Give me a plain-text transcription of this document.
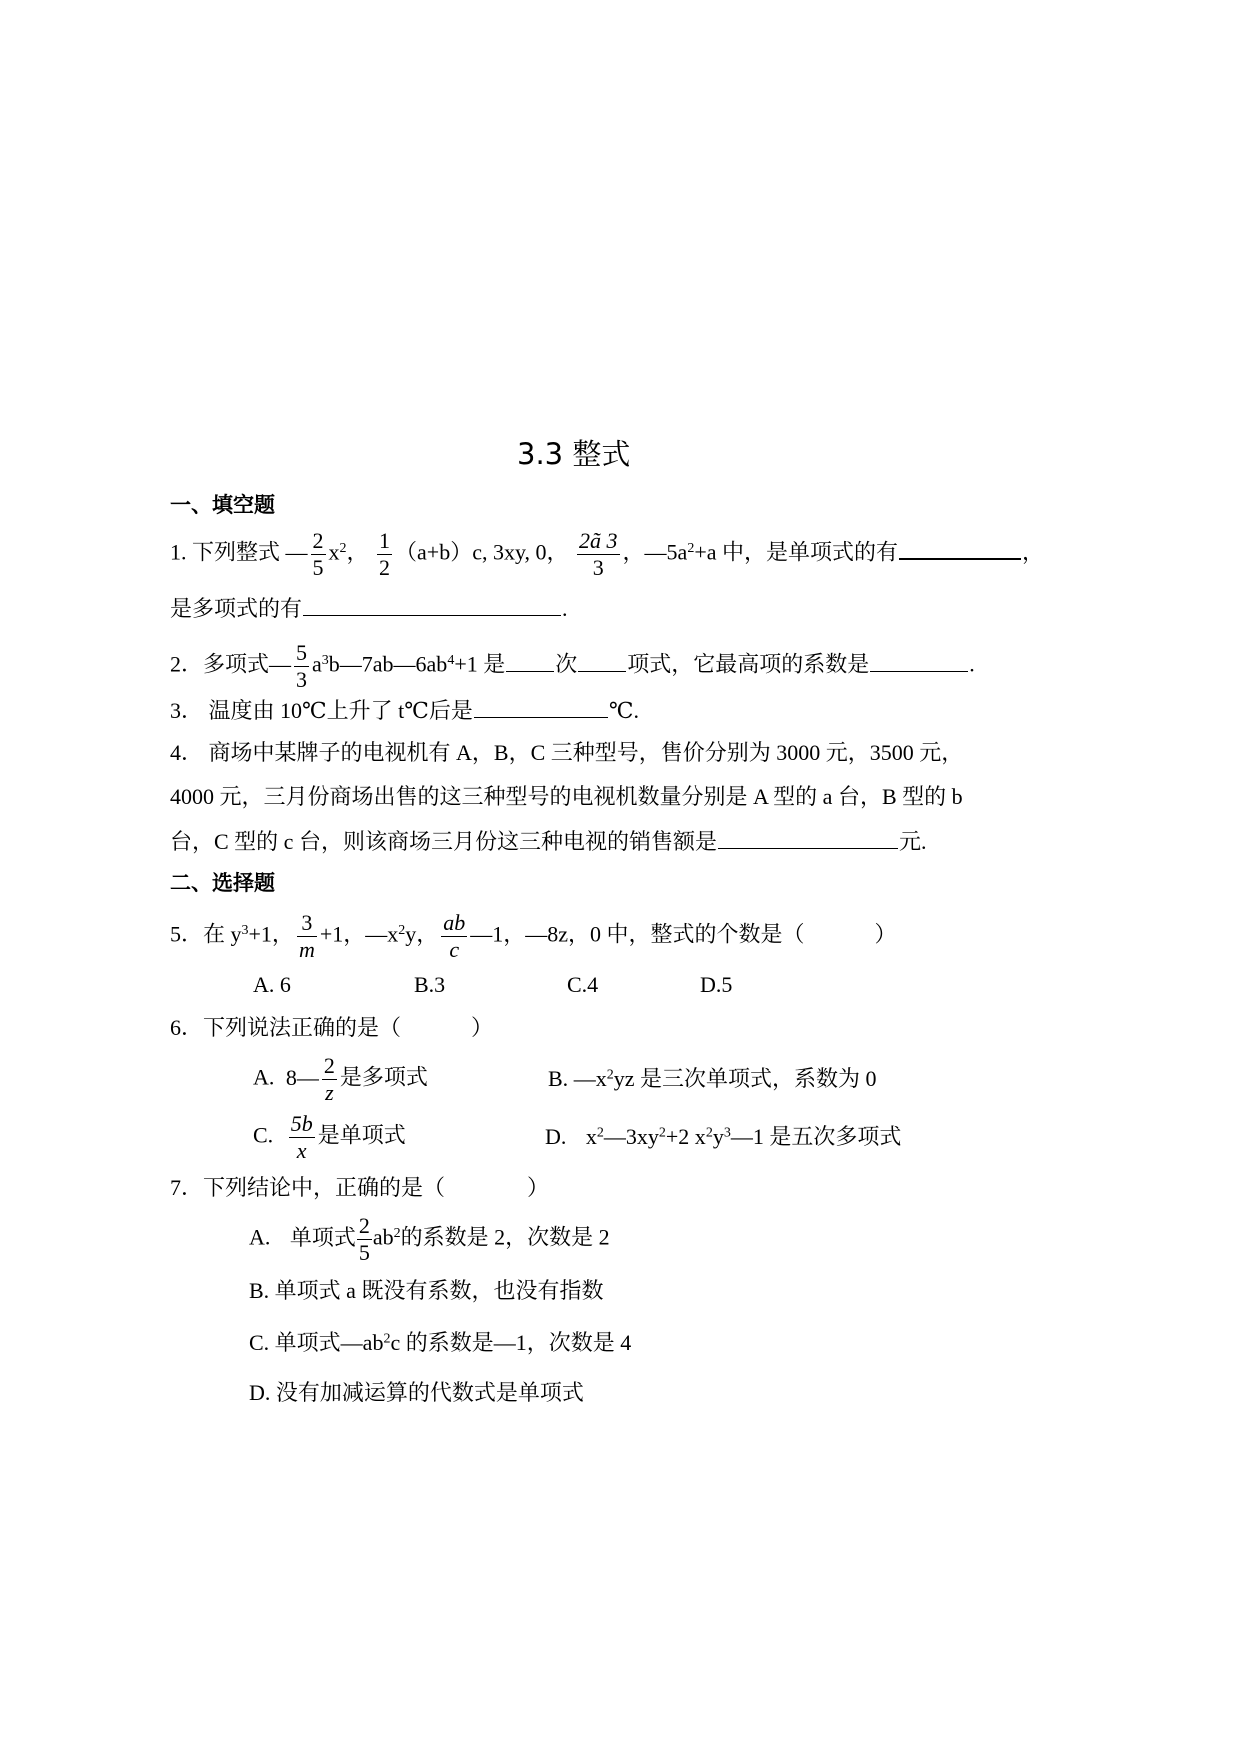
3.3 整式
一、填空题
1. 下列整式 — $\frac{2}{5} x^2$， $\frac{1}{2} (a+b)c$, 3xy, 0， $\frac{2ã 3}{3}$ ，$—5a^2+a$ 中，是单项式的有	，
是多项式的有	.
2．多项式— $\frac{5}{3}$ $a^3b—7ab—6ab^4+1$ 是 次 项式，它最高项的系数是	.
3． 温度由 10℃上升了 t℃后是	℃.
4． 商场中某牌子的电视机有 A，B，C 三种型号，售价分别为 3000 元，3500 元，
4000 元，三月份商场出售的这三种型号的电视机数量分别是 A 型的 a 台，B 型的 b
台，C 型的 c 台，则该商场三月份这三种电视的销售额是	元.
二、选择题
5．在 $y^3+1$， $\frac{3}{m} +1$，$—x^2y$， $\frac{ab}{c}$ —1，—8z，0 中，整式的个数是（	）
A. 6	B.3	C.4	D.5
6．下列说法正确的是（	）
A. 8— $\frac{2}{z}$ 是多项式	B. $—x^2yz$ 是三次单项式，系数为 0
C. $\frac{5b}{x}$ 是单项式	D. $x^2—3xy^2+2$ $x^2y^3—1$ 是五次多项式
7．下列结论中，正确的是（	）
A. 单项式 $\frac{2}{5} ab^2$的系数是 2，次数是 2
B. 单项式 a 既没有系数，也没有指数
C. 单项式$—ab^2c$ 的系数是—1，次数是 4
D. 没有加减运算的代数式是单项式
